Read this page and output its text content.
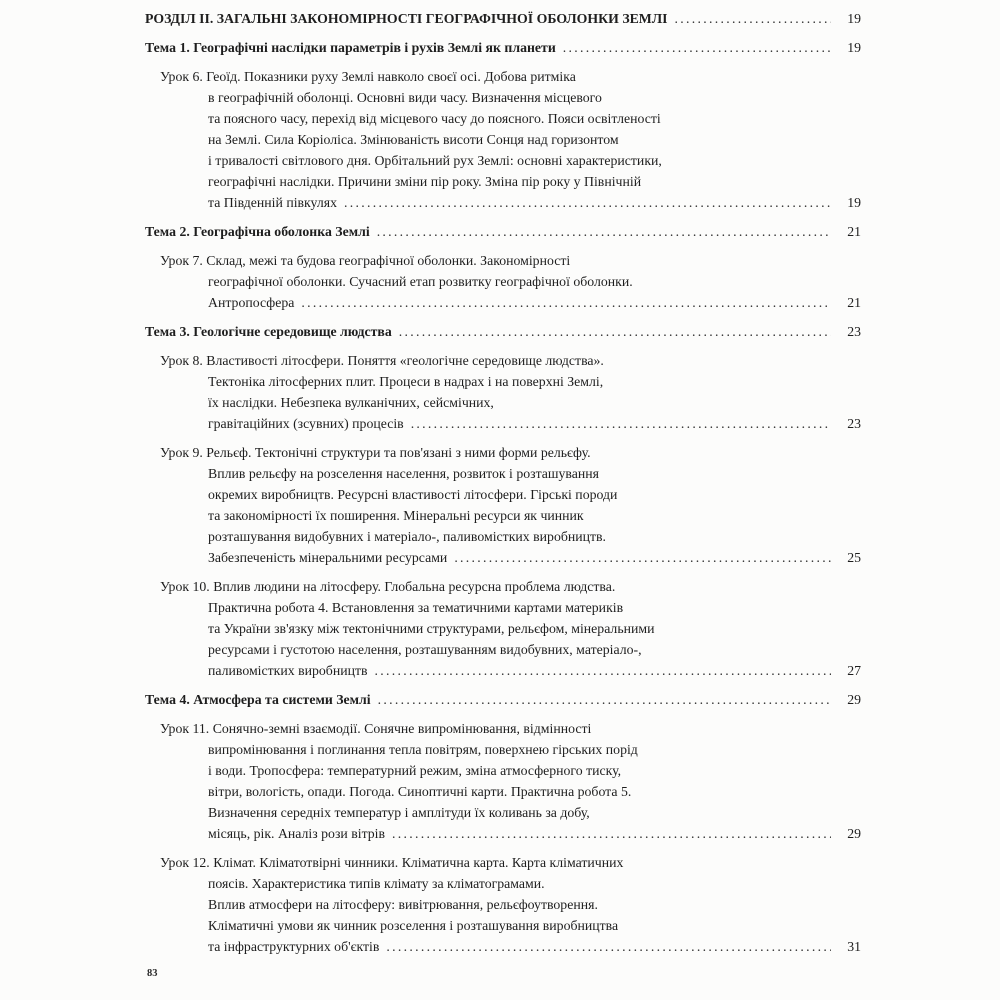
РОЗДІЛ II. ЗАГАЛЬНІ ЗАКОНОМІРНОСТІ ГЕОГРАФІЧНОЇ ОБОЛОНКИ ЗЕМЛІ .....	19
Тема 1. Географічні наслідки параметрів і рухів Землі як планети .....	19
Урок 6. Геоїд. Показники руху Землі навколо своєї осі. Добова ритміка
в географічній оболонці. Основні види часу. Визначення місцевого
та поясного часу, перехід від місцевого часу до поясного. Пояси освітленості
на Землі. Сила Коріоліса. Змінюваність висоти Сонця над горизонтом
і тривалості світлового дня. Орбітальний рух Землі: основні характеристики,
географічні наслідки. Причини зміни пір року. Зміна пір року у Північній
та Південній півкулях .....	19
Тема 2. Географічна оболонка Землі .....	21
Урок 7. Склад, межі та будова географічної оболонки. Закономірності
географічної оболонки. Сучасний етап розвитку географічної оболонки.
Антропосфера .....	21
Тема 3. Геологічне середовище людства .....	23
Урок 8. Властивості літосфери. Поняття «геологічне середовище людства».
Тектоніка літосферних плит. Процеси в надрах і на поверхні Землі,
їх наслідки. Небезпека вулканічних, сейсмічних,
гравітаційних (зсувних) процесів .....	23
Урок 9. Рельєф. Тектонічні структури та пов'язані з ними форми рельєфу.
Вплив рельєфу на розселення населення, розвиток і розташування
окремих виробництв. Ресурсні властивості літосфери. Гірські породи
та закономірності їх поширення. Мінеральні ресурси як чинник
розташування видобувних і матеріало-, паливомістких виробництв.
Забезпеченість мінеральними ресурсами .....	25
Урок 10. Вплив людини на літосферу. Глобальна ресурсна проблема людства.
Практична робота 4. Встановлення за тематичними картами материків
та України зв'язку між тектонічними структурами, рельєфом, мінеральними
ресурсами і густотою населення, розташуванням видобувних, матеріало-,
паливомістких виробництв .....	27
Тема 4. Атмосфера та системи Землі .....	29
Урок 11. Сонячно-земні взаємодії. Сонячне випромінювання, відмінності
випромінювання і поглинання тепла повітрям, поверхнею гірських порід
і води. Тропосфера: температурний режим, зміна атмосферного тиску,
вітри, вологість, опади. Погода. Синоптичні карти. Практична робота 5.
Визначення середніх температур і амплітуди їх коливань за добу,
місяць, рік. Аналіз рози вітрів .....	29
Урок 12. Клімат. Кліматотвірні чинники. Кліматична карта. Карта кліматичних
поясів. Характеристика типів клімату за кліматограмами.
Вплив атмосфери на літосферу: вивітрювання, рельєфоутворення.
Кліматичні умови як чинник розселення і розташування виробництва
та інфраструктурних об'єктів .....	31
83
